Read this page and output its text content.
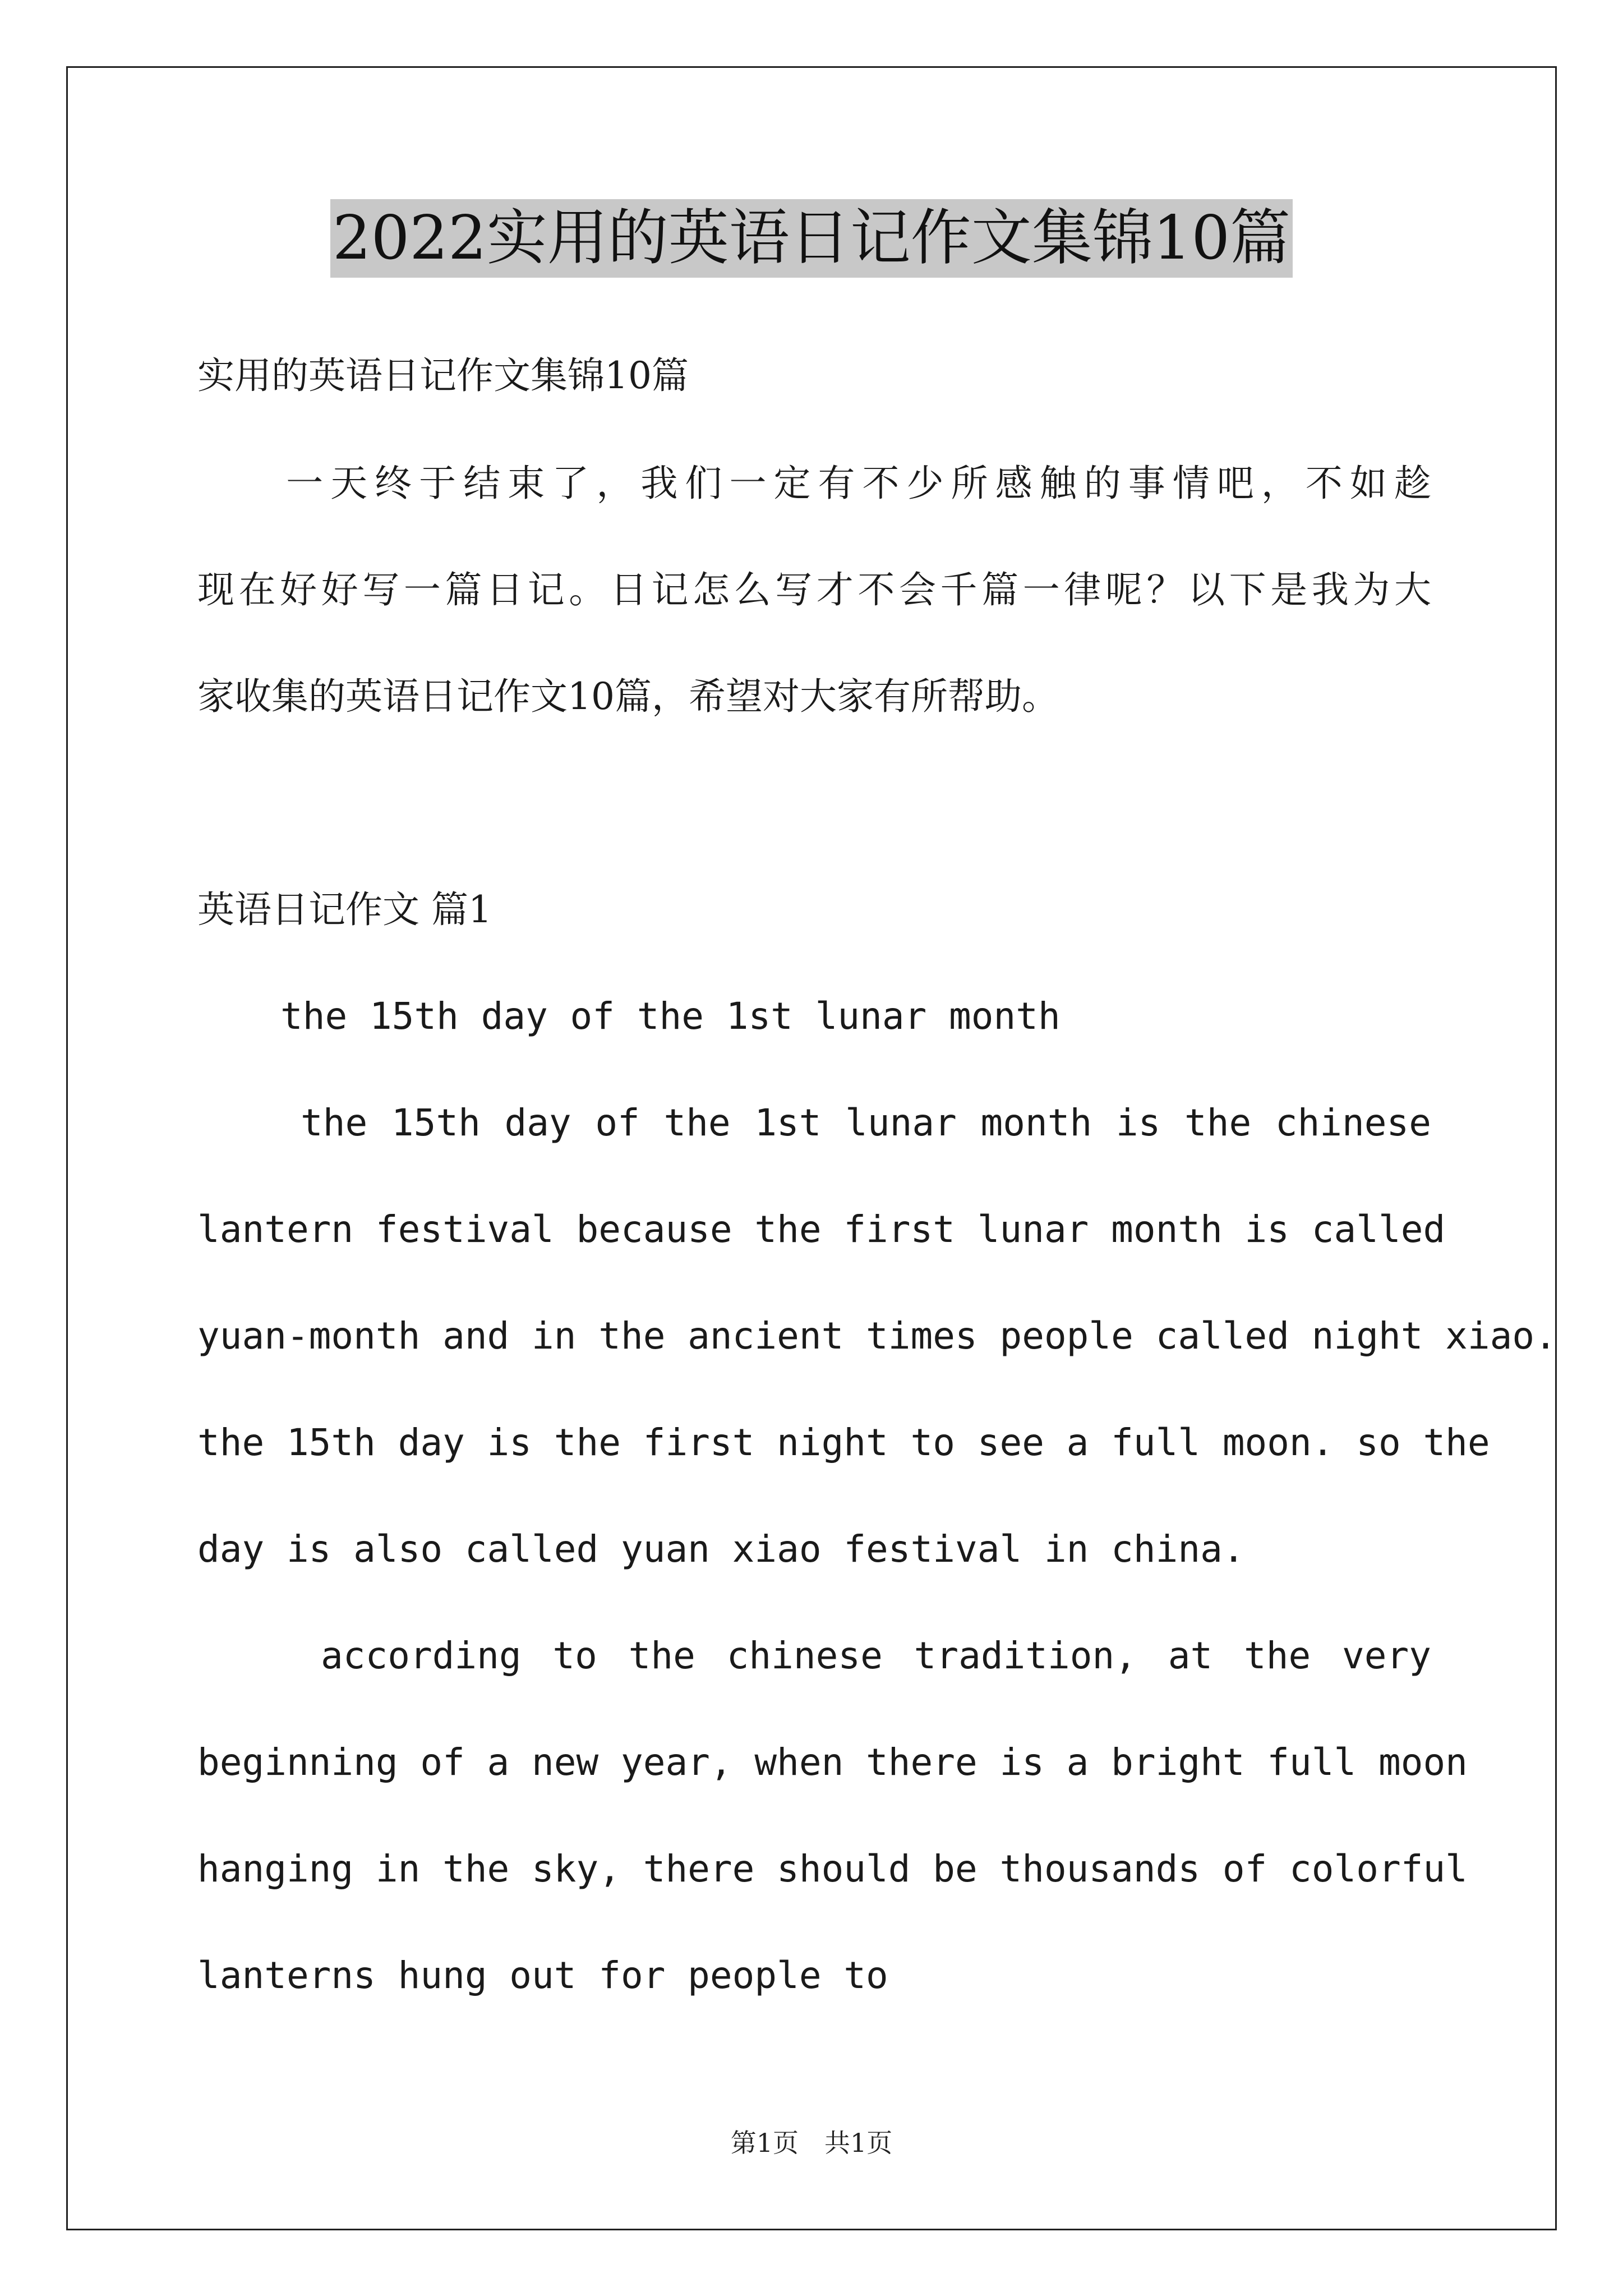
2022实用的英语日记作文集锦10篇

实用的英语日记作文集锦10篇

　　一天终于结束了，我们一定有不少所感触的事情吧，不如趁

现在好好写一篇日记。日记怎么写才不会千篇一律呢？以下是我为大

家收集的英语日记作文10篇，希望对大家有所帮助。

英语日记作文 篇1

the 15th day of the 1st lunar month

the 15th day of the 1st lunar month is the chinese

lantern festival because the first lunar month is called

yuan-month and in the ancient times people called night xiao.

the 15th day is the first night to see a full moon. so the

day is also called yuan xiao festival in china.

according to the chinese tradition, at the very

beginning of a new year, when there is a bright full moon

hanging in the sky, there should be thousands of colorful

lanterns hung out for people to

第1页　共1页
